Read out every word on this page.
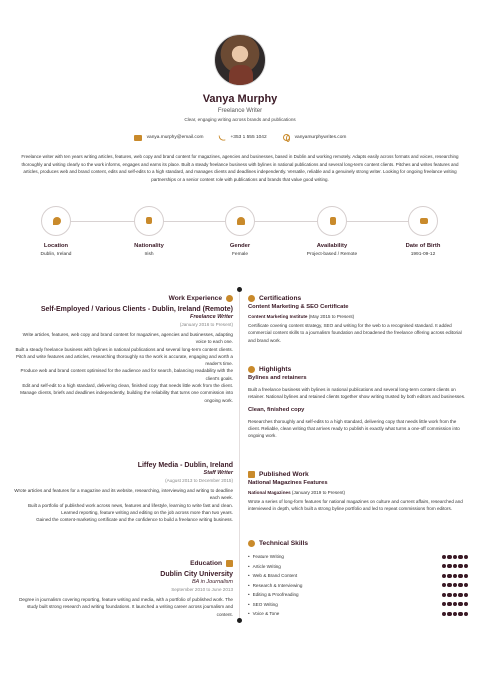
Vanya Murphy
Freelance Writer
Clear, engaging writing across brands and publications
vanya.murphy@email.com	+353 1 555 1042	vanyamurphywrites.com
Freelance writer with ten years writing articles, features, web copy and brand content for magazines, agencies and businesses, based in Dublin and working remotely. Adapts easily across formats and voices, researching thoroughly and writing clearly so the work informs, engages and earns its place. Built a steady freelance business with bylines in national publications and several long-term content clients. Pitches and writes features and articles, produces web and brand content, edits and self-edits to a high standard, and manages clients and deadlines independently. Versatile, reliable and a genuinely strong writer. Looking for ongoing freelance writing partnerships or a senior content role with publications and brands that value good writing.
Location
Dublin, Ireland
Nationality
Irish
Gender
Female
Availability
Project-based / Remote
Date of Birth
1991-09-12
Work Experience
Self-Employed / Various Clients - Dublin, Ireland (Remote)
Freelance Writer
(January 2016 to Present)
Write articles, features, web copy and brand content for magazines, agencies and businesses, adapting voice to each one.
Built a steady freelance business with bylines in national publications and several long-term content clients.
Pitch and write features and articles, researching thoroughly so the work is accurate, engaging and worth a reader's time.
Produce web and brand content optimised for the audience and for search, balancing readability with the client's goals.
Edit and self-edit to a high standard, delivering clean, finished copy that needs little work from the client.
Manage clients, briefs and deadlines independently, building the reliability that turns one commission into ongoing work.
Liffey Media - Dublin, Ireland
Staff Writer
(August 2013 to December 2015)
Wrote articles and features for a magazine and its website, researching, interviewing and writing to deadline each week.
Built a portfolio of published work across news, features and lifestyle, learning to write fast and clean.
Learned reporting, feature writing and editing on the job across more than two years.
Gained the content-marketing certificate and the confidence to build a freelance writing business.
Education
Dublin City University
BA in Journalism
September 2010 to June 2013
Degree in journalism covering reporting, feature writing and media, with a portfolio of published work. The study built strong research and writing foundations. It launched a writing career across journalism and content.
Certifications
Content Marketing & SEO Certificate
Content Marketing Institute (May 2015 to Present)
Certificate covering content strategy, SEO and writing for the web to a recognised standard. It added commercial content skills to a journalism foundation and broadened the freelance offering across editorial and brand work.
Highlights
Bylines and retainers
Built a freelance business with bylines in national publications and several long-term content clients on retainer. National bylines and retained clients together show writing trusted by both editors and businesses.
Clean, finished copy
Researches thoroughly and self-edits to a high standard, delivering copy that needs little work from the client. Reliable, clean writing that arrives ready to publish is exactly what turns a one-off commission into ongoing work.
Published Work
National Magazines Features
National Magazines (January 2019 to Present)
Wrote a series of long-form features for national magazines on culture and current affairs, researched and interviewed in depth, which built a strong byline portfolio and led to repeat commissions from editors.
Technical Skills
• Feature Writing
• Article Writing
• Web & Brand Content
• Research & Interviewing
• Editing & Proofreading
• SEO Writing
• Voice & Tone
